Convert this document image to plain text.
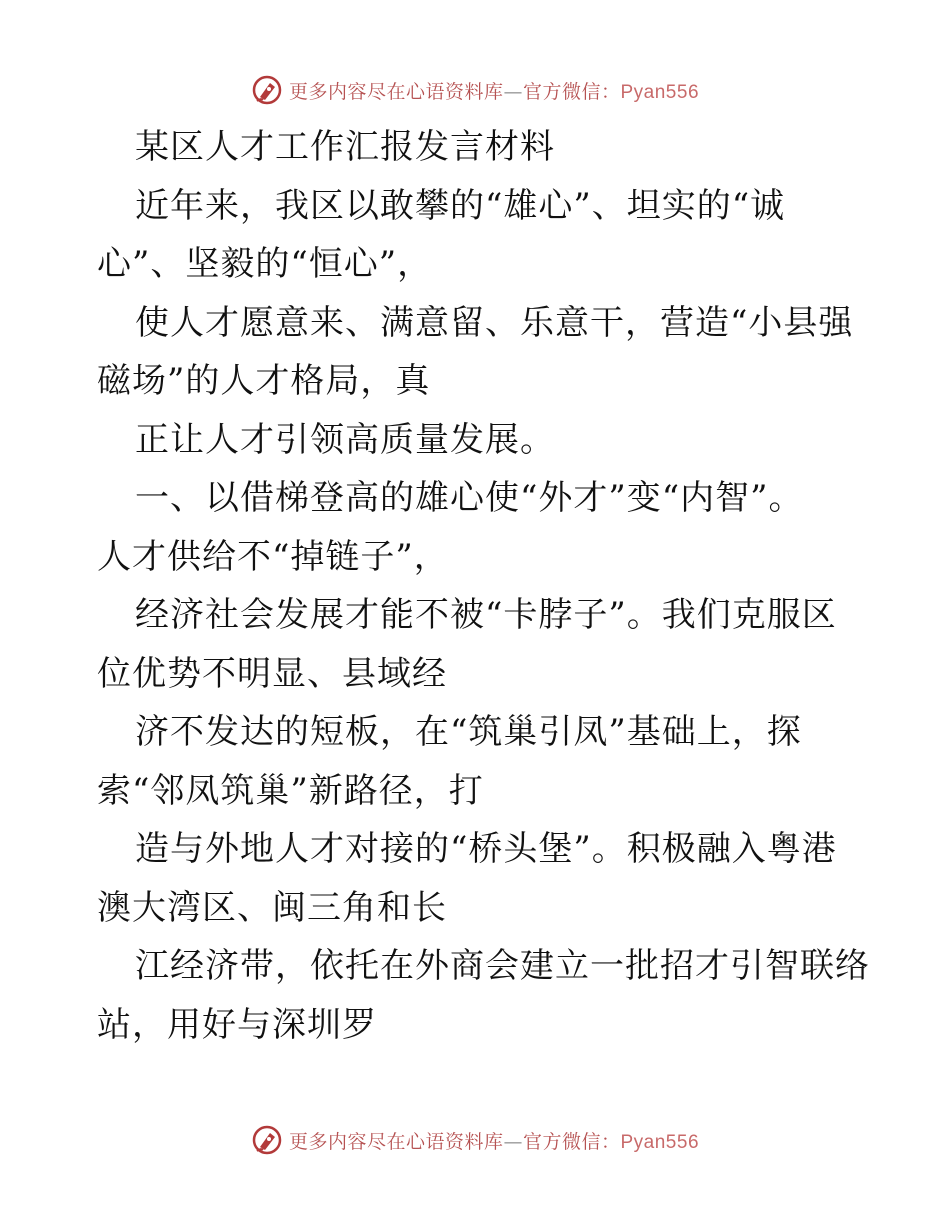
更多内容尽在心语资料库—官方微信：Pyan556
某区人才工作汇报发言材料
近年来，我区以敢攀的“雄心”、坦实的“诚
心”、坚毅的“恒心”，
使人才愿意来、满意留、乐意干，营造“小县强
磁场”的人才格局，真
正让人才引领高质量发展。
一、以借梯登高的雄心使“外才”变“内智”。
人才供给不“掉链子”，
经济社会发展才能不被“卡脖子”。我们克服区
位优势不明显、县域经
济不发达的短板，在“筑巢引凤”基础上，探
索“邻凤筑巢”新路径，打
造与外地人才对接的“桥头堡”。积极融入粤港
澳大湾区、闽三角和长
江经济带，依托在外商会建立一批招才引智联络
站，用好与深圳罗
更多内容尽在心语资料库—官方微信：Pyan556
